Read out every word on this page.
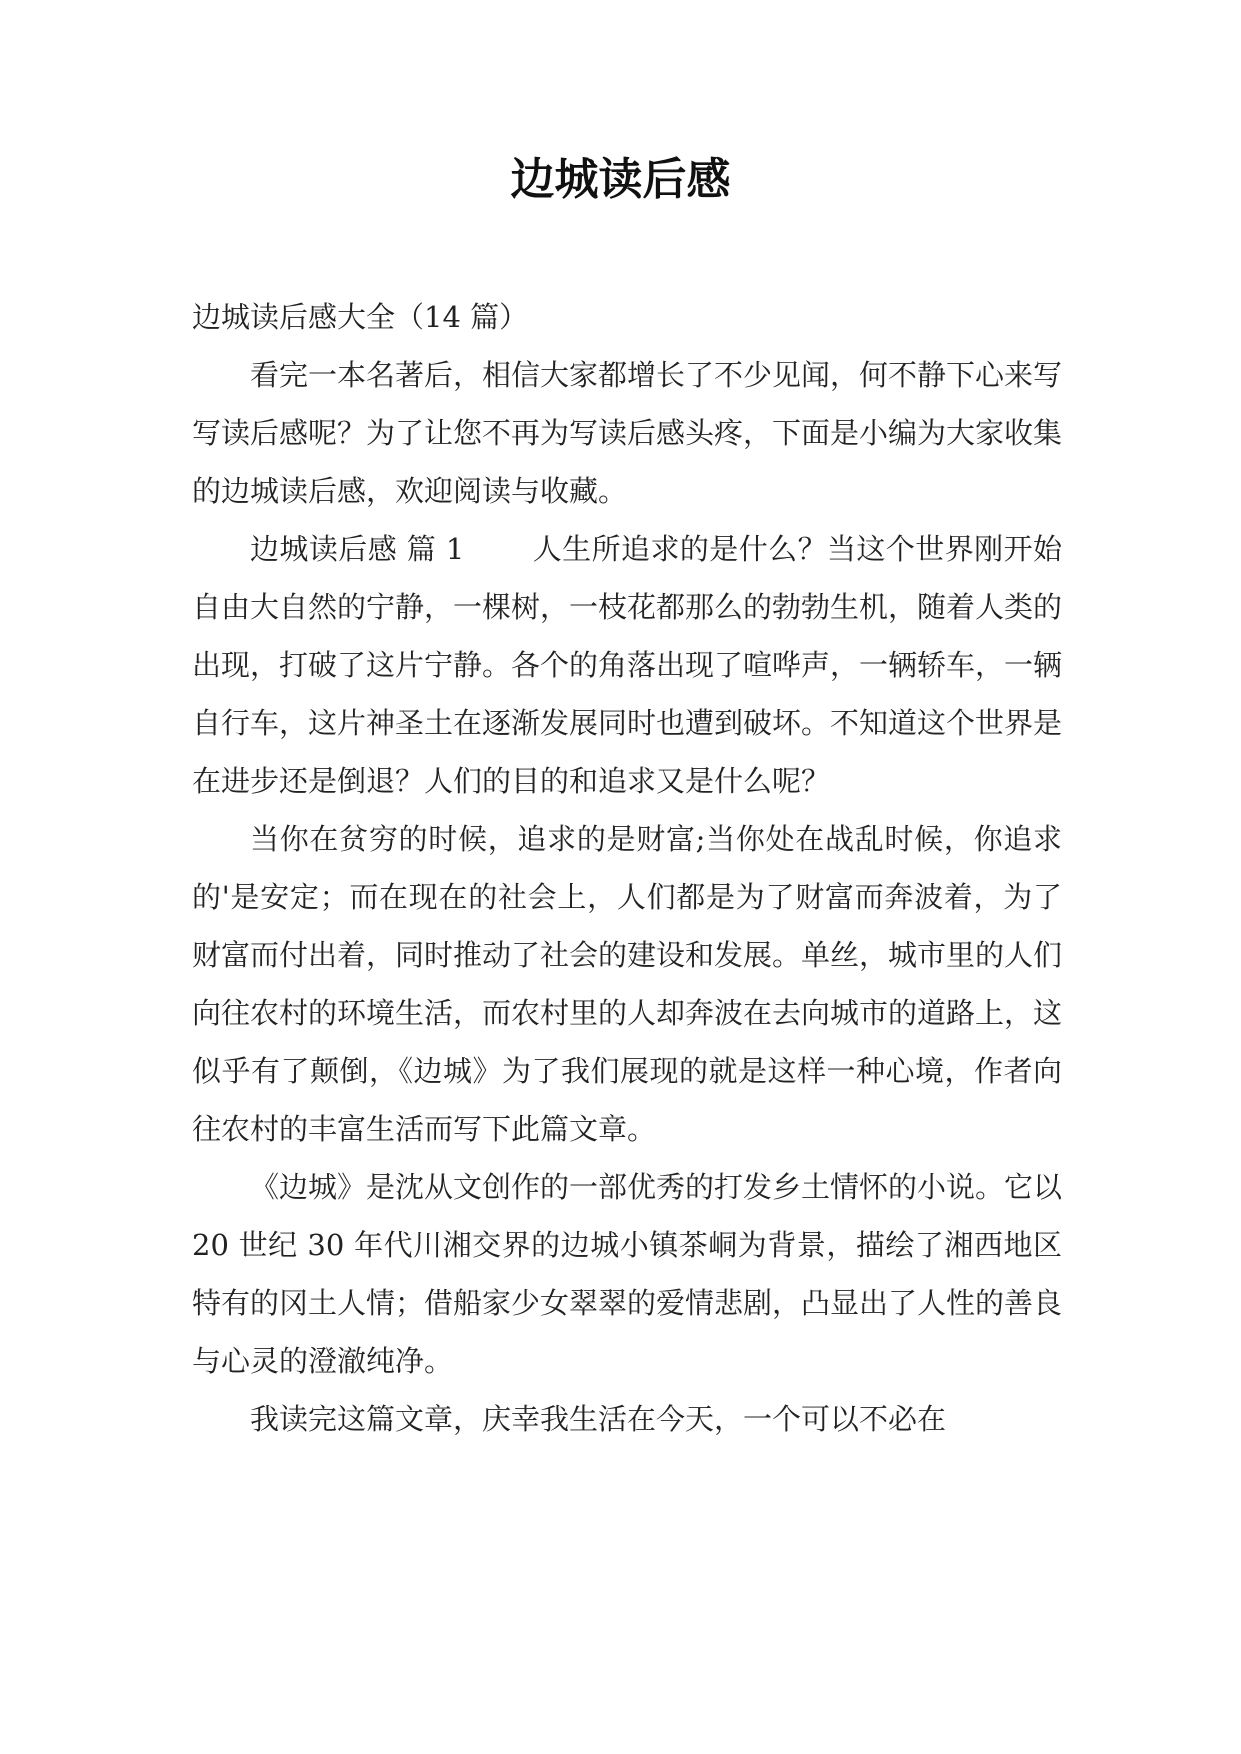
边城读后感

边城读后感大全（14 篇）

看完一本名著后，相信大家都增长了不少见闻，何不静下心来写写读后感呢？为了让您不再为写读后感头疼，下面是小编为大家收集的边城读后感，欢迎阅读与收藏。

边城读后感 篇 1 人生所追求的是什么？当这个世界刚开始自由大自然的宁静，一棵树，一枝花都那么的勃勃生机，随着人类的出现，打破了这片宁静。各个的角落出现了喧哗声，一辆轿车，一辆自行车，这片神圣土在逐渐发展同时也遭到破坏。不知道这个世界是在进步还是倒退？人们的目的和追求又是什么呢？

当你在贫穷的时候，追求的是财富;当你处在战乱时候，你追求的'是安定；而在现在的社会上，人们都是为了财富而奔波着，为了财富而付出着，同时推动了社会的建设和发展。单丝，城市里的人们向往农村的环境生活，而农村里的人却奔波在去向城市的道路上，这似乎有了颠倒，《边城》为了我们展现的就是这样一种心境，作者向往农村的丰富生活而写下此篇文章。

《边城》是沈从文创作的一部优秀的打发乡土情怀的小说。它以 20 世纪 30 年代川湘交界的边城小镇茶峒为背景，描绘了湘西地区特有的冈土人情；借船家少女翠翠的爱情悲剧，凸显出了人性的善良与心灵的澄澈纯净。

我读完这篇文章，庆幸我生活在今天，一个可以不必在
